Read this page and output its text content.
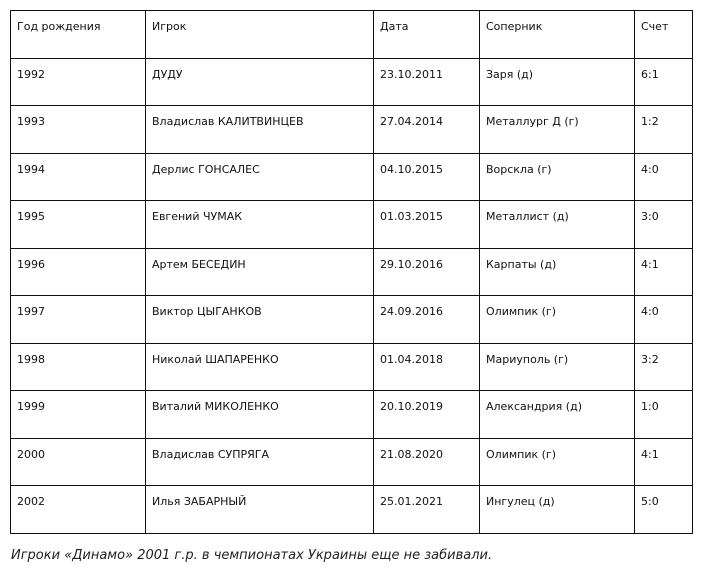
Год рождения	Игрок	Дата	Соперник	Счет
1992	ДУДУ	23.10.2011	Заря (д)	6:1
1993	Владислав КАЛИТВИНЦЕВ	27.04.2014	Металлург Д (г)	1:2
1994	Дерлис ГОНСАЛЕС	04.10.2015	Ворскла (г)	4:0
1995	Евгений ЧУМАК	01.03.2015	Металлист (д)	3:0
1996	Артем БЕСЕДИН	29.10.2016	Карпаты (д)	4:1
1997	Виктор ЦЫГАНКОВ	24.09.2016	Олимпик (г)	4:0
1998	Николай ШАПАРЕНКО	01.04.2018	Мариуполь (г)	3:2
1999	Виталий МИКОЛЕНКО	20.10.2019	Александрия (д)	1:0
2000	Владислав СУПРЯГА	21.08.2020	Олимпик (г)	4:1
2002	Илья ЗАБАРНЫЙ	25.01.2021	Ингулец (д)	5:0
Игроки «Динамо» 2001 г.р. в чемпионатах Украины еще не забивали.
